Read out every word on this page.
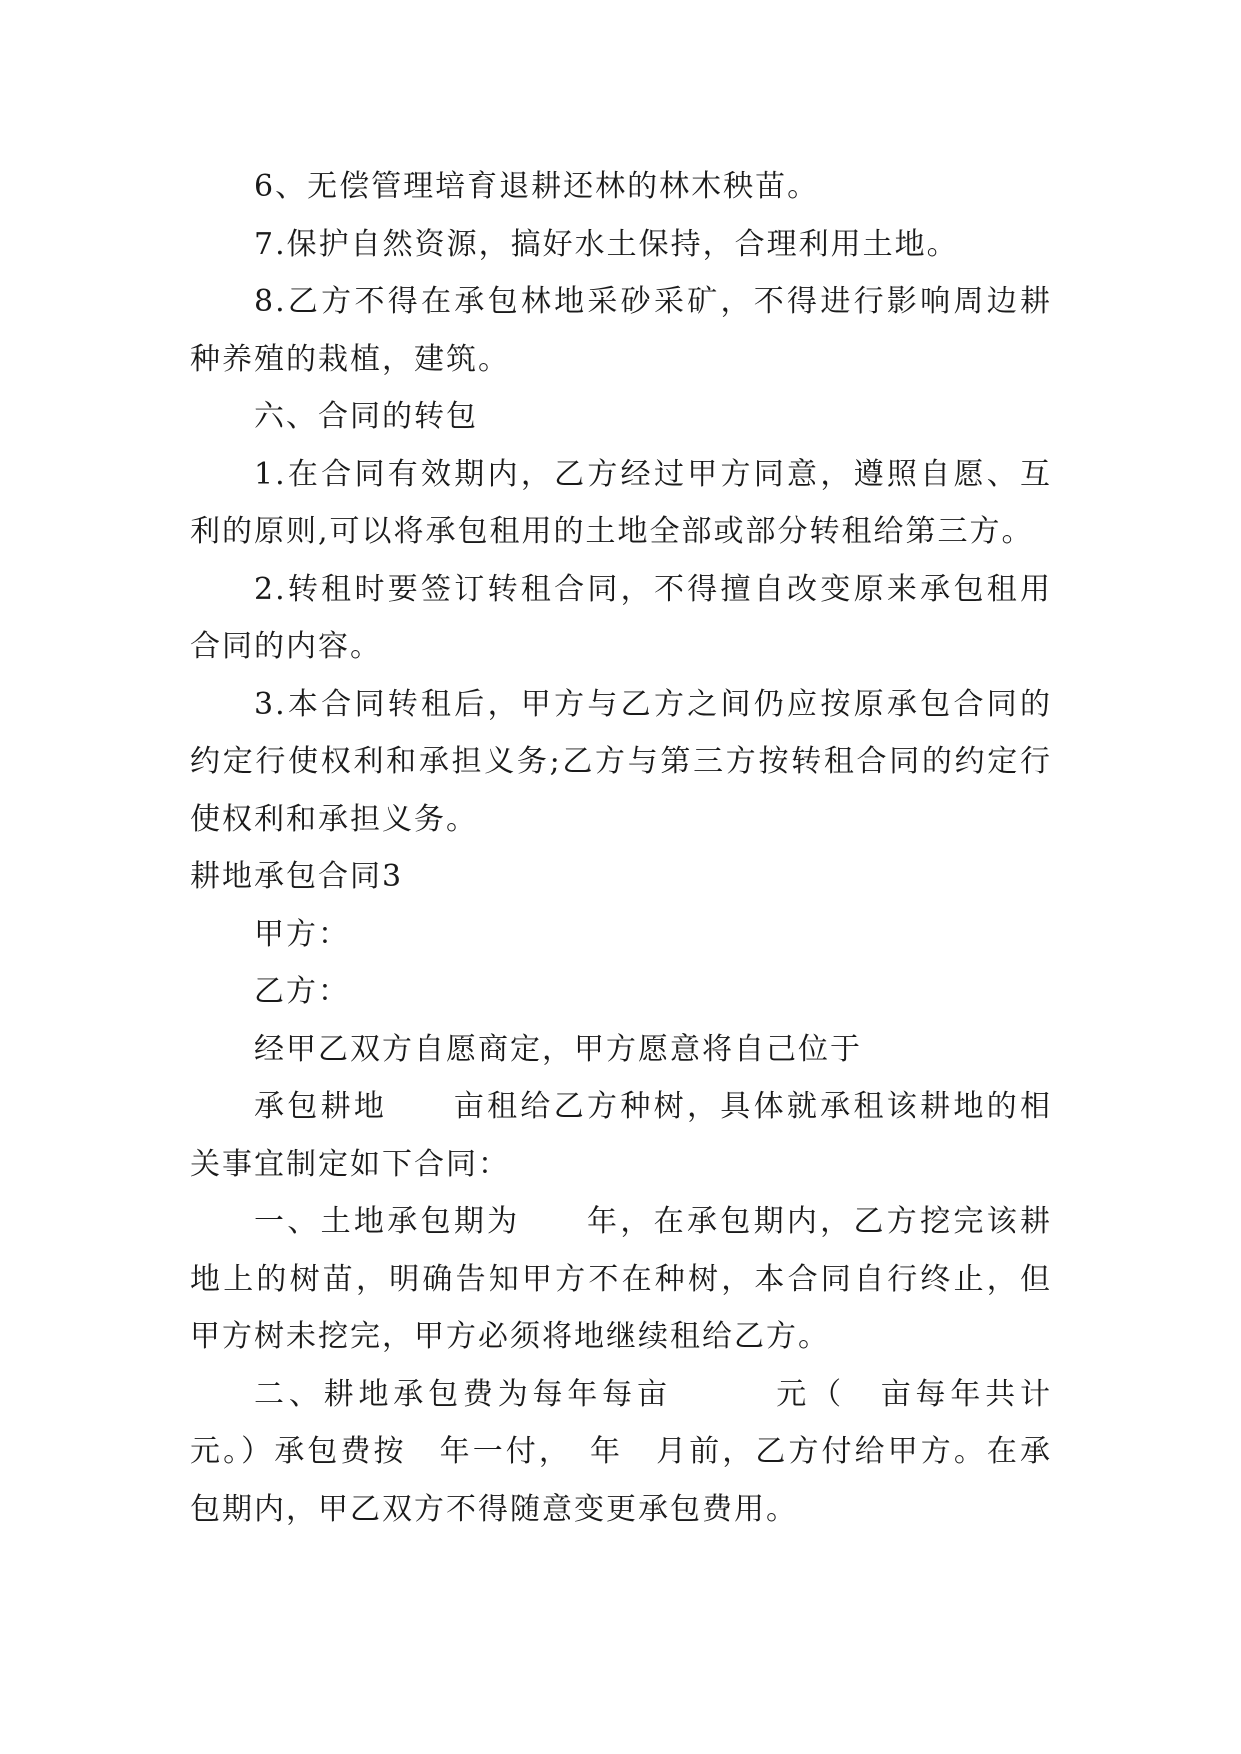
6、无偿管理培育退耕还林的林木秧苗。

7.保护自然资源，搞好水土保持，合理利用土地。

8.乙方不得在承包林地采砂采矿，不得进行影响周边耕种养殖的栽植，建筑。

六、合同的转包

1.在合同有效期内，乙方经过甲方同意，遵照自愿、互利的原则,可以将承包租用的土地全部或部分转租给第三方。

2.转租时要签订转租合同，不得擅自改变原来承包租用合同的内容。

3.本合同转租后，甲方与乙方之间仍应按原承包合同的约定行使权利和承担义务;乙方与第三方按转租合同的约定行使权利和承担义务。

耕地承包合同3

甲方：

乙方：

经甲乙双方自愿商定，甲方愿意将自己位于

承包耕地　　亩租给乙方种树，具体就承租该耕地的相关事宜制定如下合同：

一、土地承包期为　　年，在承包期内，乙方挖完该耕地上的树苗，明确告知甲方不在种树，本合同自行终止，但甲方树未挖完，甲方必须将地继续租给乙方。

二、耕地承包费为每年每亩　　　元（　亩每年共计元。）承包费按　年一付，　年　月前，乙方付给甲方。在承包期内，甲乙双方不得随意变更承包费用。
